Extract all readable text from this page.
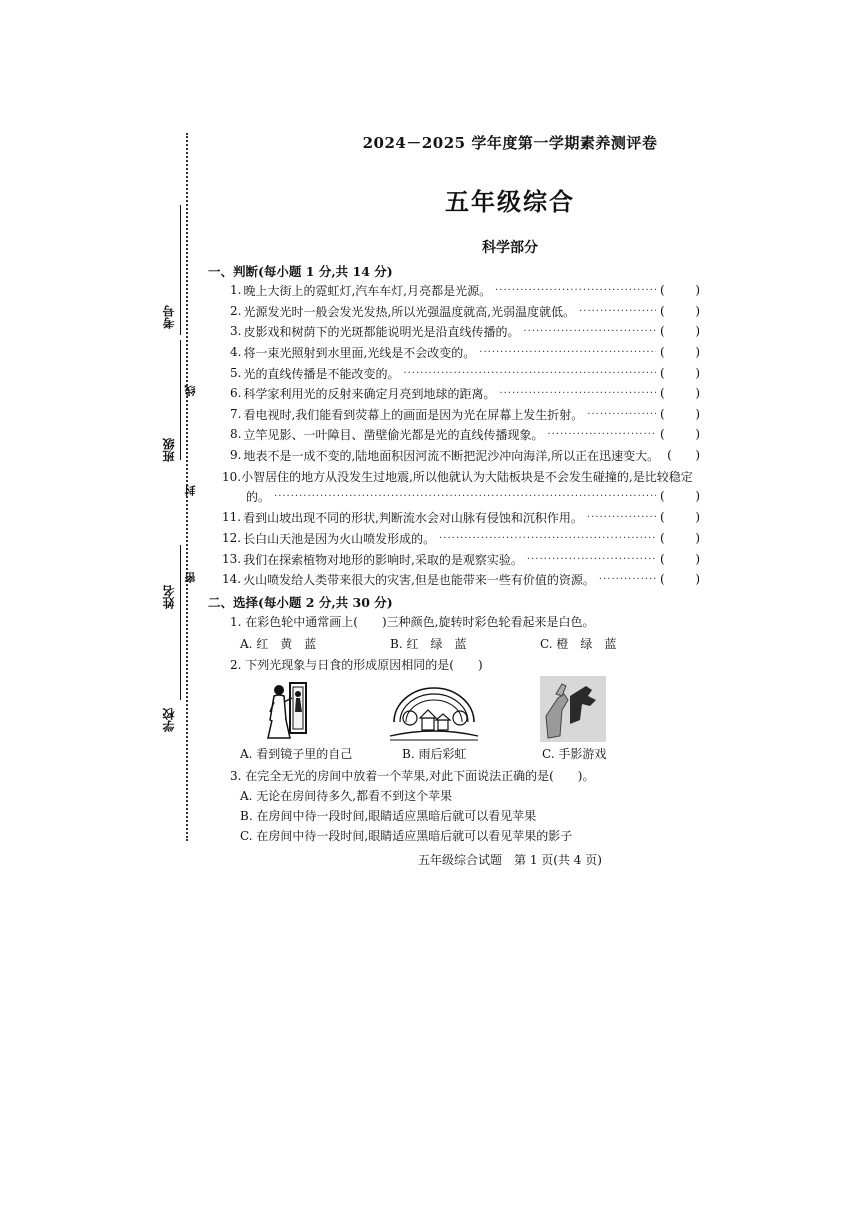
考号
班级
姓名
学校
密
封
线
2024－2025 学年度第一学期素养测评卷
五年级综合
科学部分
一、判断(每小题 1 分,共 14 分)
1. 晚上大街上的霓虹灯,汽车车灯,月亮都是光源。 ·····	(	)
2. 光源发光时一般会发光发热,所以光强温度就高,光弱温度就低。 ·····	(	)
3. 皮影戏和树荫下的光斑都能说明光是沿直线传播的。 ·····	(	)
4. 将一束光照射到水里面,光线是不会改变的。 ·····	(	)
5. 光的直线传播是不能改变的。 ·····	(	)
6. 科学家利用光的反射来确定月亮到地球的距离。 ·····	(	)
7. 看电视时,我们能看到荧幕上的画面是因为光在屏幕上发生折射。 ·····	(	)
8. 立竿见影、一叶障目、凿壁偷光都是光的直线传播现象。 ·····	(	)
9. 地表不是一成不变的,陆地面积因河流不断把泥沙冲向海洋,所以正在迅速变大。 ( )
10.小智居住的地方从没发生过地震,所以他就认为大陆板块是不会发生碰撞的,是比较稳定
的。 ·····	(	)
11. 看到山坡出现不同的形状,判断流水会对山脉有侵蚀和沉积作用。 ·····	(	)
12. 长白山天池是因为火山喷发形成的。 ·····	(	)
13. 我们在探索植物对地形的影响时,采取的是观察实验。 ·····	(	)
14. 火山喷发给人类带来很大的灾害,但是也能带来一些有价值的资源。 ·····	(	)
二、选择(每小题 2 分,共 30 分)
1. 在彩色轮中通常画上(　　)三种颜色,旋转时彩色轮看起来是白色。
A. 红　黄　蓝	B. 红　绿　蓝	C. 橙　绿　蓝
2. 下列光现象与日食的形成原因相同的是(　　)
A. 看到镜子里的自己	B. 雨后彩虹	C. 手影游戏
3. 在完全无光的房间中放着一个苹果,对此下面说法正确的是(　　)。
A. 无论在房间待多久,都看不到这个苹果
B. 在房间中待一段时间,眼睛适应黑暗后就可以看见苹果
C. 在房间中待一段时间,眼睛适应黑暗后就可以看见苹果的影子
五年级综合试题　第 1 页(共 4 页)
